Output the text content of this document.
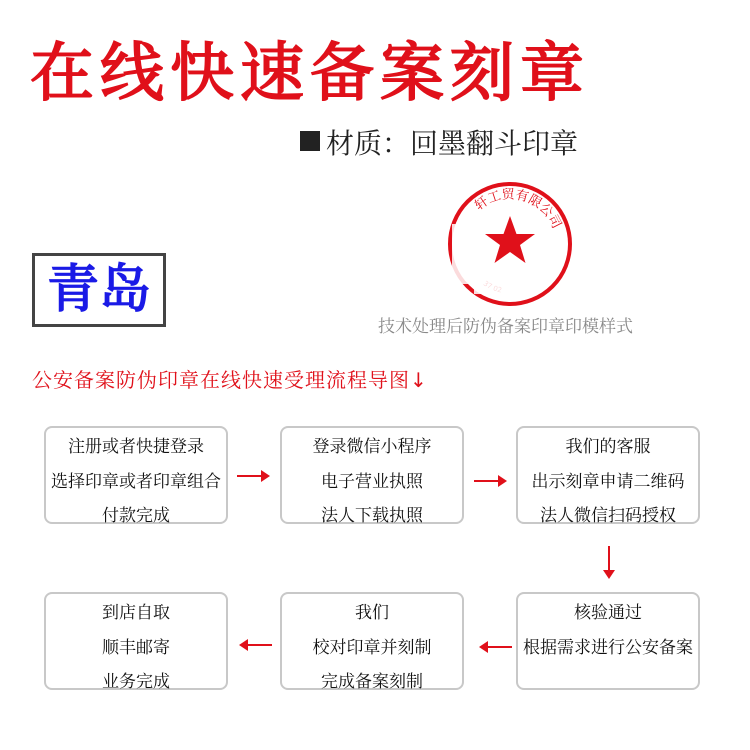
在线快速备案刻章
材质：回墨翻斗印章
青岛
轩工贸有限公司
技术处理后防伪备案印章印模样式
公安备案防伪印章在线快速受理流程导图↓
注册或者快捷登录
选择印章或者印章组合
付款完成
登录微信小程序
电子营业执照
法人下载执照
我们的客服
出示刻章申请二维码
法人微信扫码授权
核验通过
根据需求进行公安备案
我们
校对印章并刻制
完成备案刻制
到店自取
顺丰邮寄
业务完成
